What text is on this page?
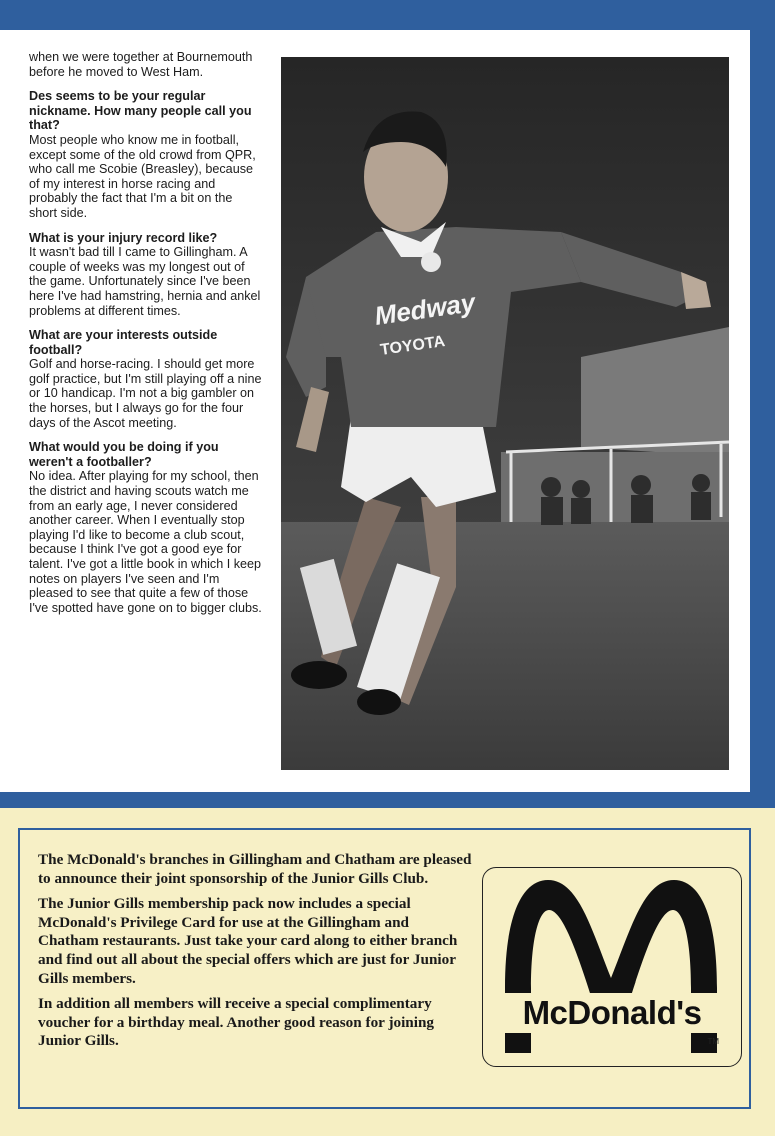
when we were together at Bournemouth before he moved to West Ham.

Des seems to be your regular nickname. How many people call you that?
Most people who know me in football, except some of the old crowd from QPR, who call me Scobie (Breasley), because of my interest in horse racing and probably the fact that I'm a bit on the short side.

What is your injury record like?
It wasn't bad till I came to Gillingham. A couple of weeks was my longest out of the game. Unfortunately since I've been here I've had hamstring, hernia and ankel problems at different times.

What are your interests outside football?
Golf and horse-racing. I should get more golf practice, but I'm still playing off a nine or 10 handicap. I'm not a big gambler on the horses, but I always go for the four days of the Ascot meeting.

What would you be doing if you weren't a footballer?
No idea. After playing for my school, then the district and having scouts watch me from an early age, I never considered another career. When I eventually stop playing I'd like to become a club scout, because I think I've got a good eye for talent. I've got a little book in which I keep notes on players I've seen and I'm pleased to see that quite a few of those I've spotted have gone on to bigger clubs.

Medway
TOYOTA

The McDonald's branches in Gillingham and Chatham are pleased to announce their joint sponsorship of the Junior Gills Club.

The Junior Gills membership pack now includes a special McDonald's Privilege Card for use at the Gillingham and Chatham restaurants. Just take your card along to either branch and find out all about the special offers which are just for Junior Gills members.

In addition all members will receive a special complimentary voucher for a birthday meal. Another good reason for joining Junior Gills.

McDonald's
TM
